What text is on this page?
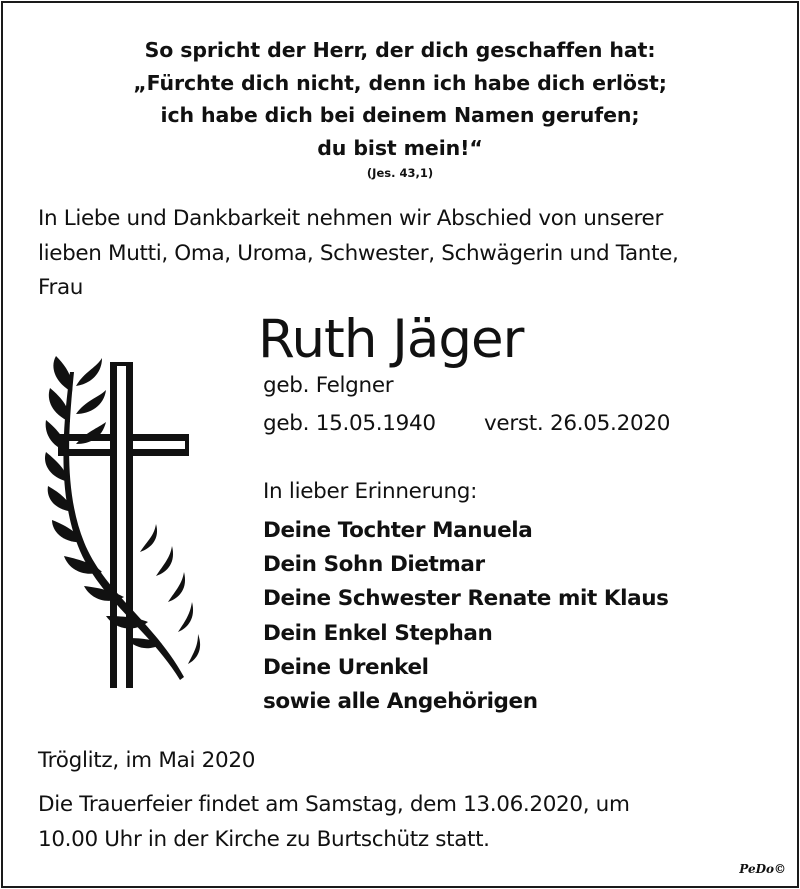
So spricht der Herr, der dich geschaffen hat:
„Fürchte dich nicht, denn ich habe dich erlöst;
ich habe dich bei deinem Namen gerufen;
du bist mein!“
(Jes. 43,1)
In Liebe und Dankbarkeit nehmen wir Abschied von unserer
lieben Mutti, Oma, Uroma, Schwester, Schwägerin und Tante,
Frau
Ruth Jäger
geb. Felgner
geb. 15.05.1940 verst. 26.05.2020
In lieber Erinnerung:
Deine Tochter Manuela
Dein Sohn Dietmar
Deine Schwester Renate mit Klaus
Dein Enkel Stephan
Deine Urenkel
sowie alle Angehörigen
Tröglitz, im Mai 2020
Die Trauerfeier findet am Samstag, dem 13.06.2020, um
10.00 Uhr in der Kirche zu Burtschütz statt.
PeDo©
